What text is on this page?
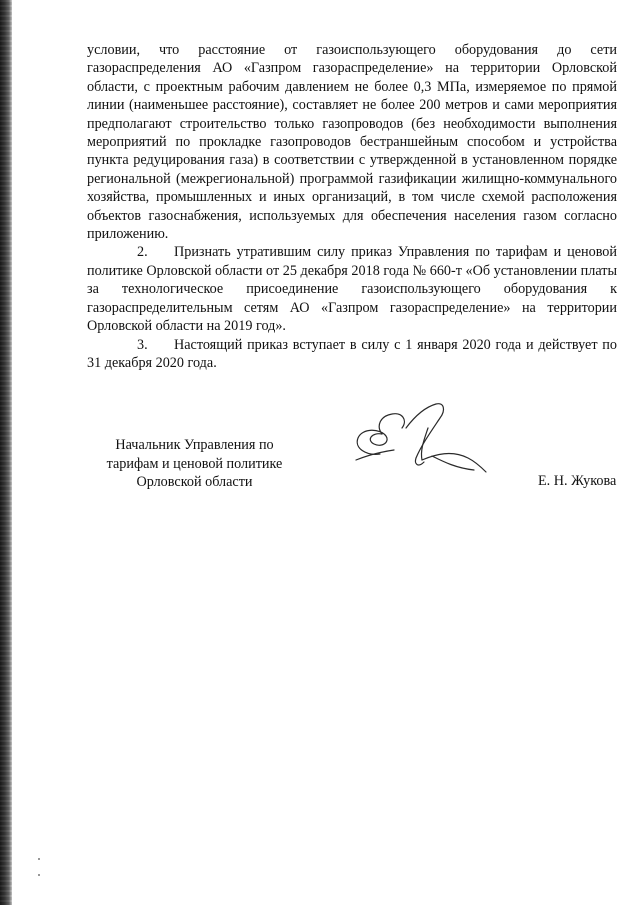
условии, что расстояние от газоиспользующего оборудования до сети газораспределения АО «Газпром газораспределение» на территории Орловской области, с проектным рабочим давлением не более 0,3 МПа, измеряемое по прямой линии (наименьшее расстояние), составляет не более 200 метров и сами мероприятия предполагают строительство только газопроводов (без необходимости выполнения мероприятий по прокладке газопроводов бестраншейным способом и устройства пункта редуцирования газа) в соответствии с утвержденной в установленном порядке региональной (межрегиональной) программой газификации жилищно-коммунального хозяйства, промышленных и иных организаций, в том числе схемой расположения объектов газоснабжения, используемых для обеспечения населения газом согласно приложению.

2. Признать утратившим силу приказ Управления по тарифам и ценовой политике Орловской области от 25 декабря 2018 года № 660-т «Об установлении платы за технологическое присоединение газоиспользующего оборудования к газораспределительным сетям АО «Газпром газораспределение» на территории Орловской области на 2019 год».

3. Настоящий приказ вступает в силу с 1 января 2020 года и действует по 31 декабря 2020 года.

Начальник Управления по
тарифам и ценовой политике
Орловской области	Е. Н. Жукова
